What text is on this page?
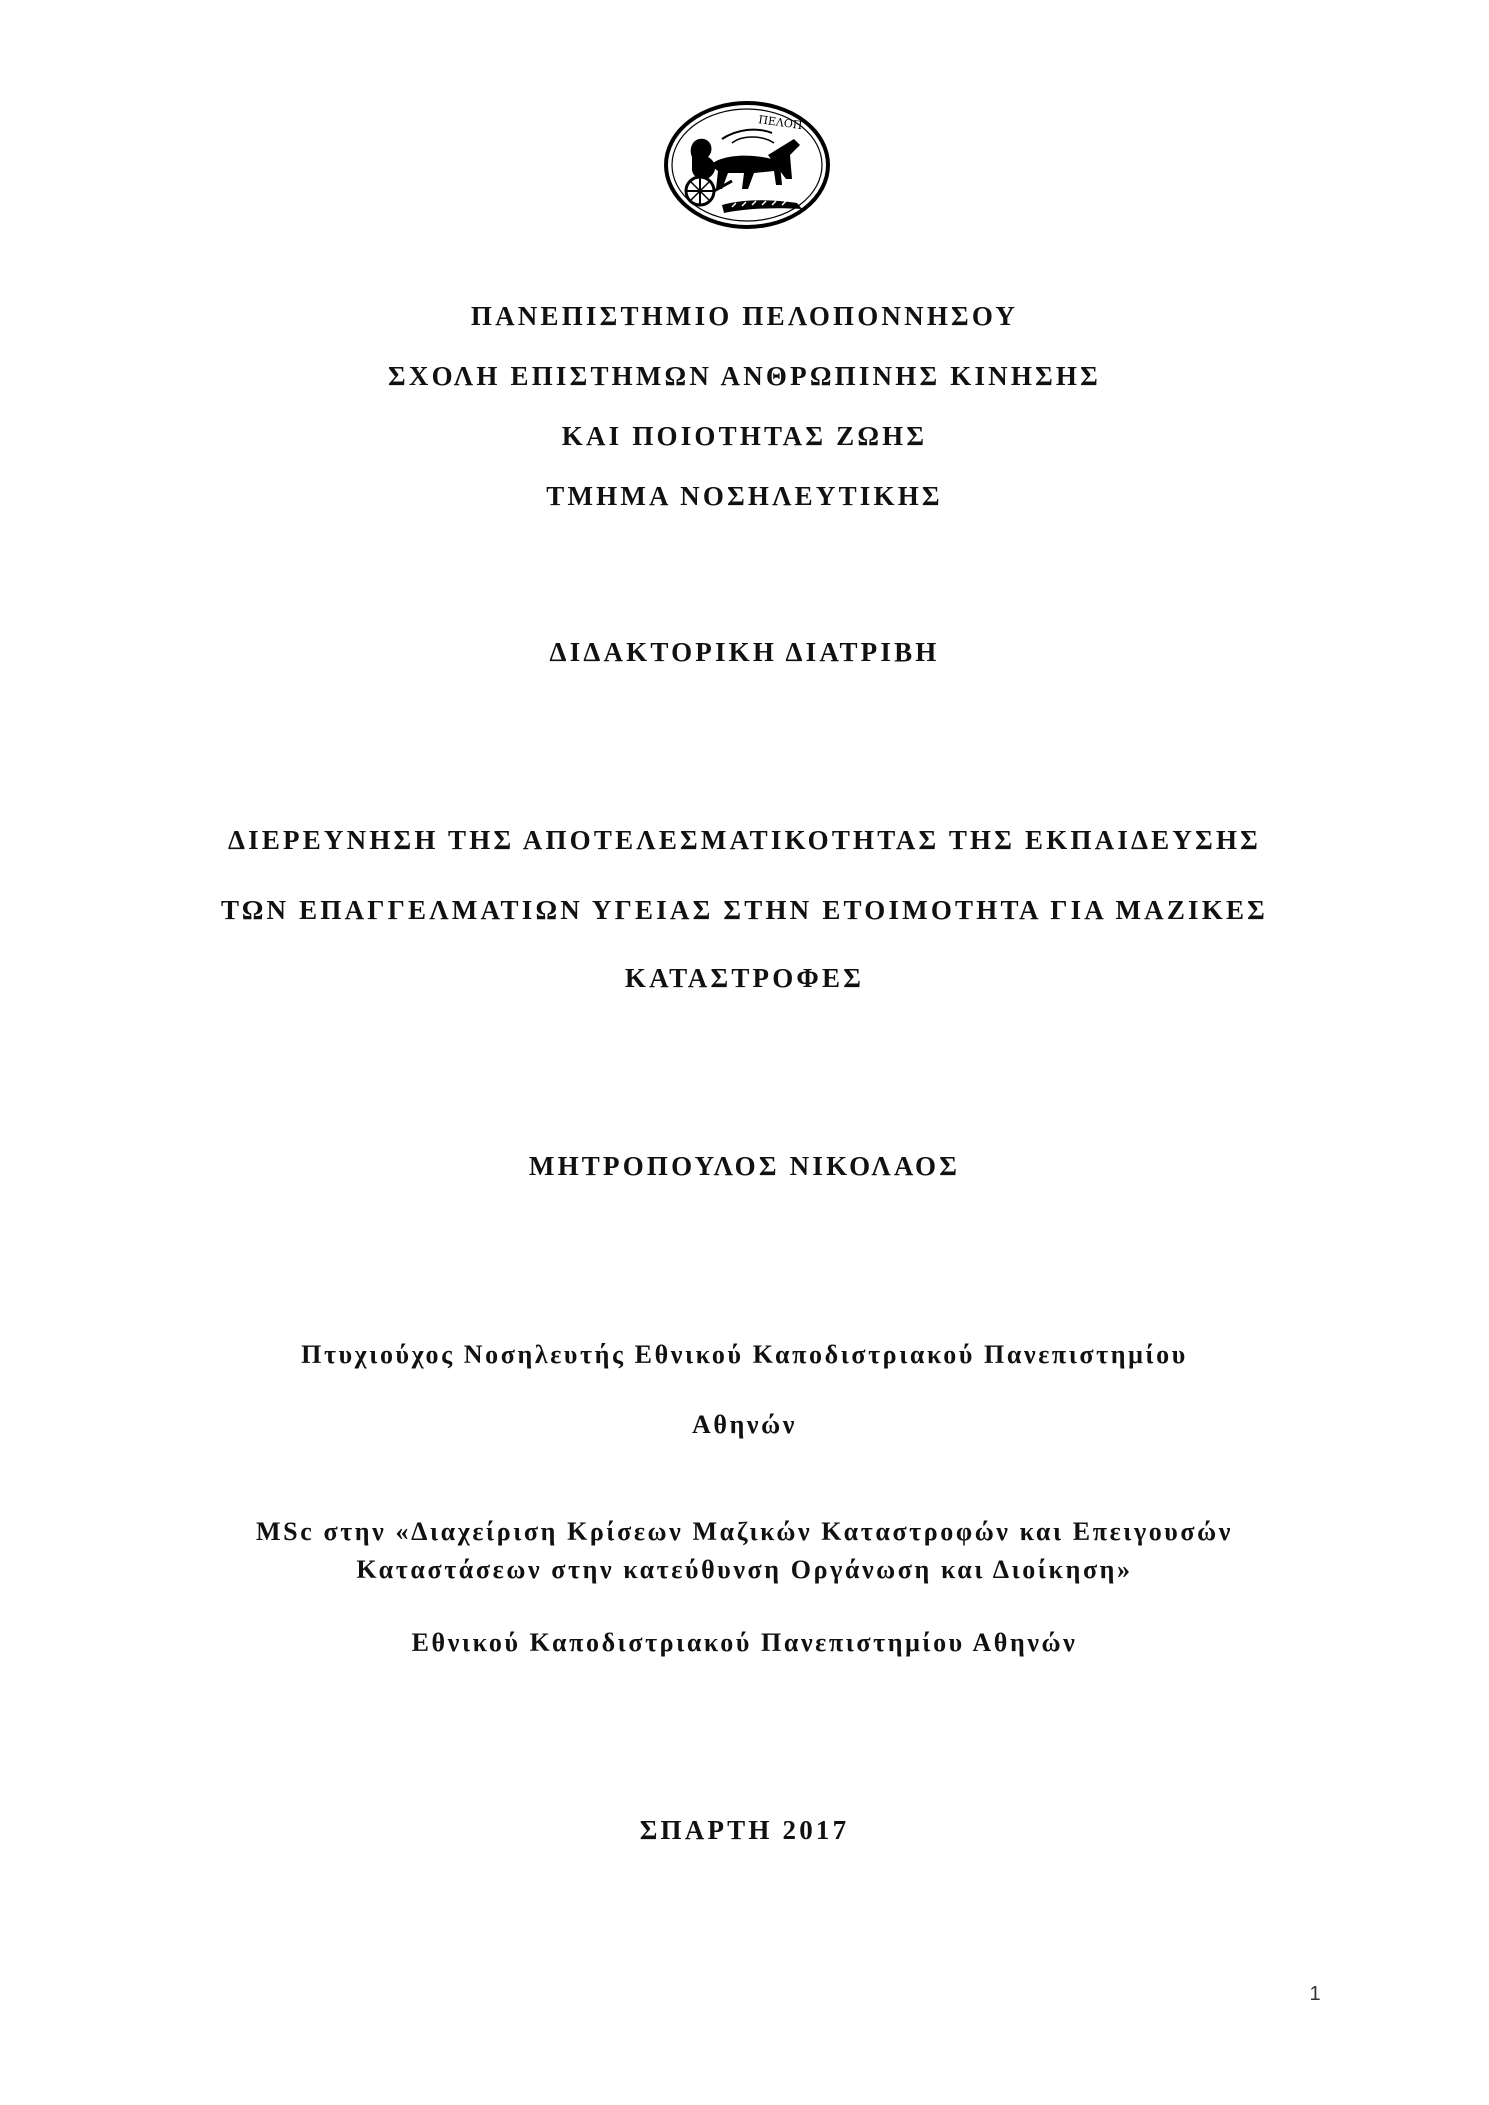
ΠΕΛΟΠ
ΠΑΝΕΠΙΣΤΗΜΙΟ ΠΕΛΟΠΟΝΝΗΣΟΥ
ΣΧΟΛΗ ΕΠΙΣΤΗΜΩΝ ΑΝΘΡΩΠΙΝΗΣ ΚΙΝΗΣΗΣ
ΚΑΙ ΠΟΙΟΤΗΤΑΣ ΖΩΗΣ
ΤΜΗΜΑ ΝΟΣΗΛΕΥΤΙΚΗΣ
ΔΙΔΑΚΤΟΡΙΚΗ ΔΙΑΤΡΙΒΗ
ΔΙΕΡΕΥΝΗΣΗ ΤΗΣ ΑΠΟΤΕΛΕΣΜΑΤΙΚΟΤΗΤΑΣ ΤΗΣ ΕΚΠΑΙΔΕΥΣΗΣ
ΤΩΝ ΕΠΑΓΓΕΛΜΑΤΙΩΝ ΥΓΕΙΑΣ ΣΤΗΝ ΕΤΟΙΜΟΤΗΤΑ ΓΙΑ ΜΑΖΙΚΕΣ
ΚΑΤΑΣΤΡΟΦΕΣ
ΜΗΤΡΟΠΟΥΛΟΣ ΝΙΚΟΛΑΟΣ
Πτυχιούχος Νοσηλευτής Εθνικού Καποδιστριακού Πανεπιστημίου
Αθηνών
MSc στην «Διαχείριση Κρίσεων Μαζικών Καταστροφών και Επειγουσών
Καταστάσεων στην κατεύθυνση Οργάνωση και Διοίκηση»
Εθνικού Καποδιστριακού Πανεπιστημίου Αθηνών
ΣΠΑΡΤΗ 2017
1
